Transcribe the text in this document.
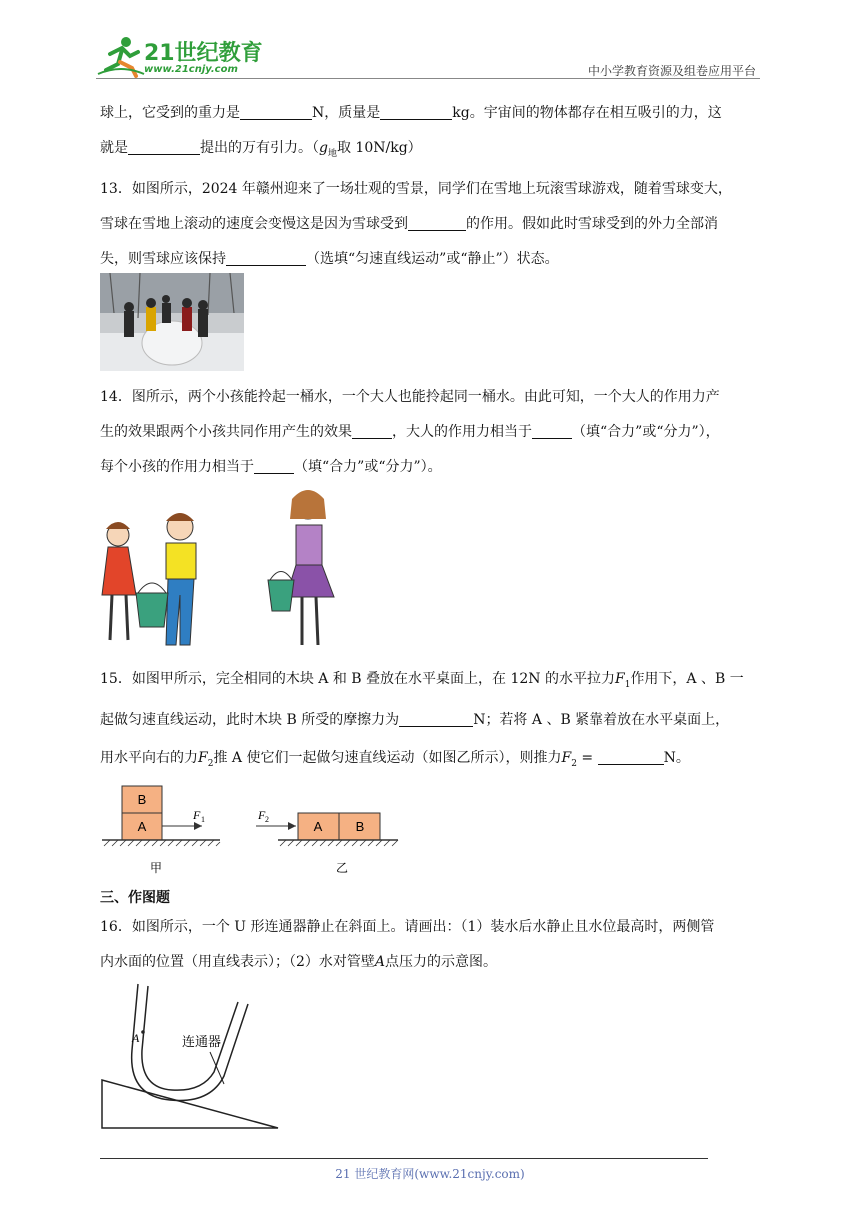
21世纪教育
www.21cnjy.com	中小学教育资源及组卷应用平台

球上，它受到的重力是	N，质量是	kg。宇宙间的物体都存在相互吸引的力，这

就是	提出的万有引力。（$g_地$取 10N/kg）

13．如图所示，2024 年赣州迎来了一场壮观的雪景，同学们在雪地上玩滚雪球游戏，随着雪球变大，

雪球在雪地上滚动的速度会变慢这是因为雪球受到	的作用。假如此时雪球受到的外力全部消

失，则雪球应该保持	（选填“匀速直线运动”或“静止”）状态。

14．图所示，两个小孩能拎起一桶水，一个大人也能拎起同一桶水。由此可知，一个大人的作用力产

生的效果跟两个小孩共同作用产生的效果	，大人的作用力相当于	（填“合力”或“分力”），

每个小孩的作用力相当于	（填“合力”或“分力”）。

15．如图甲所示，完全相同的木块 A 和 B 叠放在水平桌面上，在 12N 的水平拉力$F_1$作用下，A 、B 一

起做匀速直线运动，此时木块 B 所受的摩擦力为	N；若将 A 、B 紧靠着放在水平桌面上，

用水平向右的力$F_2$推 A 使它们一起做匀速直线运动（如图乙所示），则推力$F_2$ =	N。

B
A
F 1
甲
F 2	A	B
乙

三、作图题

16．如图所示，一个 U 形连通器静止在斜面上。请画出：（1）装水后水静止且水位最高时，两侧管

内水面的位置（用直线表示）；（2）水对管壁A点压力的示意图。

A	连通器
21 世纪教育网(www.21cnjy.com)
